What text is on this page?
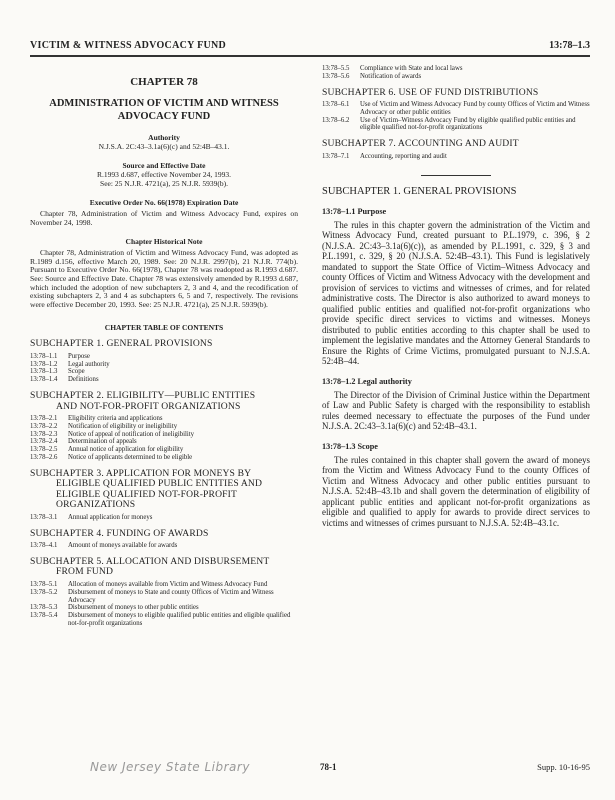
VICTIM & WITNESS ADVOCACY FUND	13:78–1.3
CHAPTER 78
ADMINISTRATION OF VICTIM AND WITNESS ADVOCACY FUND
Authority
N.J.S.A. 2C:43–3.1a(6)(c) and 52:4B–43.1.
Source and Effective Date
R.1993 d.687, effective November 24, 1993.
See: 25 N.J.R. 4721(a), 25 N.J.R. 5939(b).
Executive Order No. 66(1978) Expiration Date
Chapter 78, Administration of Victim and Witness Advocacy Fund, expires on November 24, 1998.
Chapter Historical Note
Chapter 78, Administration of Victim and Witness Advocacy Fund, was adopted as R.1989 d.156, effective March 20, 1989. See: 20 N.J.R. 2997(b), 21 N.J.R. 774(b). Pursuant to Executive Order No. 66(1978), Chapter 78 was readopted as R.1993 d.687. See: Source and Effective Date. Chapter 78 was extensively amended by R.1993 d.687, which included the adoption of new subchapters 2, 3 and 4, and the recodification of existing subchapters 2, 3 and 4 as subchapters 6, 5 and 7, respectively. The revisions were effective December 20, 1993. See: 25 N.J.R. 4721(a), 25 N.J.R. 5939(b).
CHAPTER TABLE OF CONTENTS
SUBCHAPTER 1. GENERAL PROVISIONS
13:78–1.1	Purpose
13:78–1.2	Legal authority
13:78–1.3	Scope
13:78–1.4	Definitions
SUBCHAPTER 2. ELIGIBILITY—PUBLIC ENTITIES
AND NOT-FOR-PROFIT ORGANIZATIONS
13:78–2.1	Eligibility criteria and applications
13:78–2.2	Notification of eligibility or ineligibility
13:78–2.3	Notice of appeal of notification of ineligibility
13:78–2.4	Determination of appeals
13:78–2.5	Annual notice of application for eligibility
13:78–2.6	Notice of applicants determined to be eligible
SUBCHAPTER 3. APPLICATION FOR MONEYS BY
ELIGIBLE QUALIFIED PUBLIC ENTITIES AND ELIGIBLE QUALIFIED NOT-FOR-PROFIT ORGANIZATIONS
13:78–3.1	Annual application for moneys
SUBCHAPTER 4. FUNDING OF AWARDS
13:78–4.1	Amount of moneys available for awards
SUBCHAPTER 5. ALLOCATION AND DISBURSEMENT
FROM FUND
13:78–5.1	Allocation of moneys available from Victim and Witness Advocacy Fund
13:78–5.2	Disbursement of moneys to State and county Offices of Victim and Witness Advocacy
13:78–5.3	Disbursement of moneys to other public entities
13:78–5.4	Disbursement of moneys to eligible qualified public entities and eligible qualified not-for-profit organizations
13:78–5.5	Compliance with State and local laws
13:78–5.6	Notification of awards
SUBCHAPTER 6. USE OF FUND DISTRIBUTIONS
13:78–6.1	Use of Victim and Witness Advocacy Fund by county Offices of Victim and Witness Advocacy or other public entities
13:78–6.2	Use of Victim–Witness Advocacy Fund by eligible qualified public entities and eligible qualified not-for-profit organizations
SUBCHAPTER 7. ACCOUNTING AND AUDIT
13:78–7.1	Accounting, reporting and audit
SUBCHAPTER 1. GENERAL PROVISIONS
13:78–1.1 Purpose
The rules in this chapter govern the administration of the Victim and Witness Advocacy Fund, created pursuant to P.L.1979, c. 396, § 2 (N.J.S.A. 2C:43–3.1a(6)(c)), as amended by P.L.1991, c. 329, § 3 and P.L.1991, c. 329, § 20 (N.J.S.A. 52:4B–43.1). This Fund is legislatively mandated to support the State Office of Victim–Witness Advocacy and county Offices of Victim and Witness Advocacy with the development and provision of services to victims and witnesses of crimes, and for related administrative costs. The Director is also authorized to award moneys to qualified public entities and qualified not-for-profit organizations who provide specific direct services to victims and witnesses. Moneys distributed to public entities according to this chapter shall be used to implement the legislative mandates and the Attorney General Standards to Ensure the Rights of Crime Victims, promulgated pursuant to N.J.S.A. 52:4B–44.
13:78–1.2 Legal authority
The Director of the Division of Criminal Justice within the Department of Law and Public Safety is charged with the responsibility to establish rules deemed necessary to effectuate the purposes of the Fund under N.J.S.A. 2C:43–3.1a(6)(c) and 52:4B–43.1.
13:78–1.3 Scope
The rules contained in this chapter shall govern the award of moneys from the Victim and Witness Advocacy Fund to the county Offices of Victim and Witness Advocacy and other public entities pursuant to N.J.S.A. 52:4B–43.1b and shall govern the determination of eligibility of applicant public entities and applicant not-for-profit organizations as eligible and qualified to apply for awards to provide direct services to victims and witnesses of crimes pursuant to N.J.S.A. 52:4B–43.1c.
New Jersey State Library	78-1	Supp. 10-16-95
